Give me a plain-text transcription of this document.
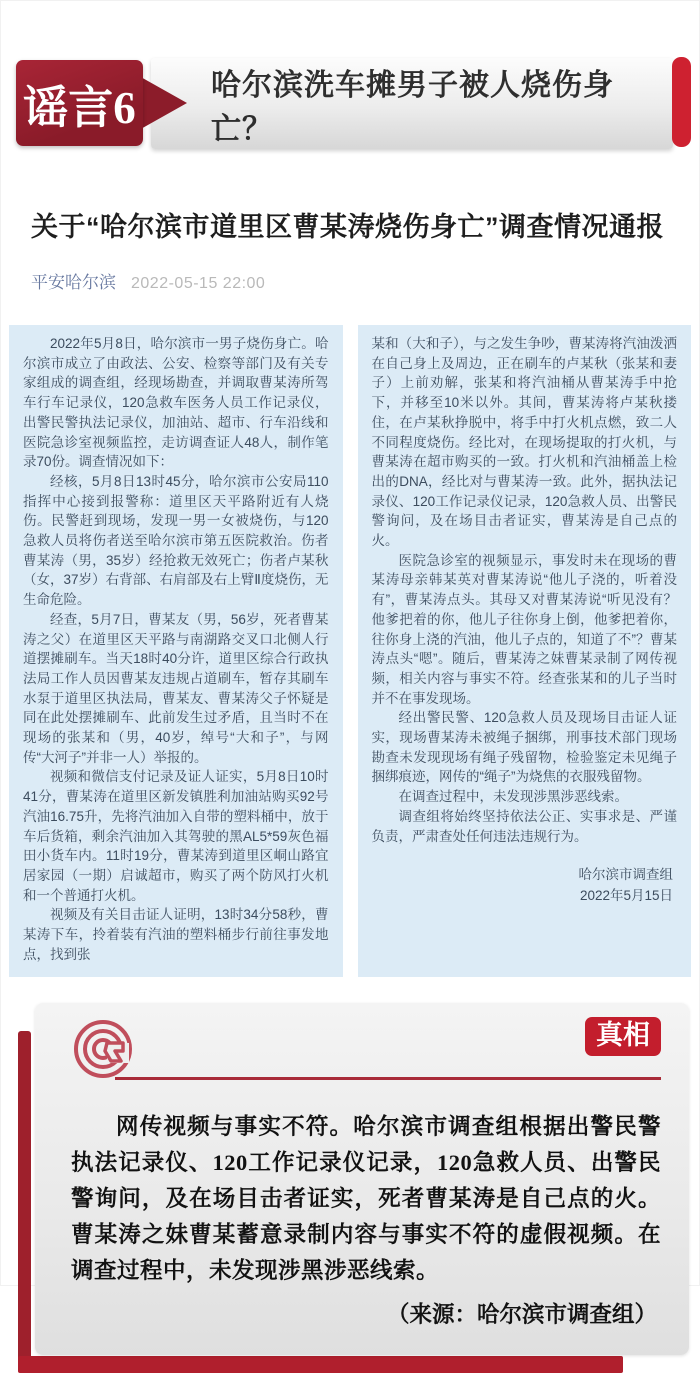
哈尔滨洗车摊男子被人烧伤身亡？
谣言6
关于“哈尔滨市道里区曹某涛烧伤身亡”调查情况通报
平安哈尔滨 2022-05-15 22:00

2022年5月8日，哈尔滨市一男子烧伤身亡。哈尔滨市成立了由政法、公安、检察等部门及有关专家组成的调查组，经现场勘查，并调取曹某涛所驾车行车记录仪，120急救车医务人员工作记录仪，出警民警执法记录仪，加油站、超市、行车沿线和医院急诊室视频监控，走访调查证人48人，制作笔录70份。调查情况如下：

经核，5月8日13时45分，哈尔滨市公安局110指挥中心接到报警称：道里区天平路附近有人烧伤。民警赶到现场，发现一男一女被烧伤，与120急救人员将伤者送至哈尔滨市第五医院救治。伤者曹某涛（男，35岁）经抢救无效死亡；伤者卢某秋（女，37岁）右背部、右肩部及右上臂Ⅱ度烧伤，无生命危险。

经查，5月7日，曹某友（男，56岁，死者曹某涛之父）在道里区天平路与南湖路交叉口北侧人行道摆摊刷车。当天18时40分许，道里区综合行政执法局工作人员因曹某友违规占道刷车，暂存其刷车水泵于道里区执法局，曹某友、曹某涛父子怀疑是同在此处摆摊刷车、此前发生过矛盾，且当时不在现场的张某和（男，40岁，绰号“大和子”，与网传“大河子”并非一人）举报的。

视频和微信支付记录及证人证实，5月8日10时41分，曹某涛在道里区新发镇胜利加油站购买92号汽油16.75升，先将汽油加入自带的塑料桶中，放于车后货箱，剩余汽油加入其驾驶的黑AL5*59灰色福田小货车内。11时19分，曹某涛到道里区峒山路宜居家园（一期）启诚超市，购买了两个防风打火机和一个普通打火机。

视频及有关目击证人证明，13时34分58秒，曹某涛下车，拎着装有汽油的塑料桶步行前往事发地点，找到张

某和（大和子），与之发生争吵，曹某涛将汽油泼洒在自己身上及周边，正在刷车的卢某秋（张某和妻子）上前劝解，张某和将汽油桶从曹某涛手中抢下，并移至10米以外。其间，曹某涛将卢某秋搂住，在卢某秋挣脱中，将手中打火机点燃，致二人不同程度烧伤。经比对，在现场提取的打火机，与曹某涛在超市购买的一致。打火机和汽油桶盖上检出的DNA，经比对与曹某涛一致。此外，据执法记录仪、120工作记录仪记录，120急救人员、出警民警询问，及在场目击者证实，曹某涛是自己点的火。

医院急诊室的视频显示，事发时未在现场的曹某涛母亲韩某英对曹某涛说“他儿子浇的，听着没有”，曹某涛点头。其母又对曹某涛说“听见没有？他爹把着的你，他儿子往你身上倒，他爹把着你，往你身上浇的汽油，他儿子点的，知道了不”？曹某涛点头“嗯”。随后，曹某涛之妹曹某录制了网传视频，相关内容与事实不符。经查张某和的儿子当时并不在事发现场。

经出警民警、120急救人员及现场目击证人证实，现场曹某涛未被绳子捆绑，刑事技术部门现场勘查未发现现场有绳子残留物，检验鉴定未见绳子捆绑痕迹，网传的“绳子”为烧焦的衣服残留物。

在调查过程中，未发现涉黑涉恶线索。

调查组将始终坚持依法公正、实事求是、严谨负责，严肃查处任何违法违规行为。

哈尔滨市调查组

2022年5月15日

真相

网传视频与事实不符。哈尔滨市调查组根据出警民警执法记录仪、120工作记录仪记录，120急救人员、出警民警询问，及在场目击者证实，死者曹某涛是自己点的火。曹某涛之妹曹某蓄意录制内容与事实不符的虚假视频。在调查过程中，未发现涉黑涉恶线索。

（来源：哈尔滨市调查组）
